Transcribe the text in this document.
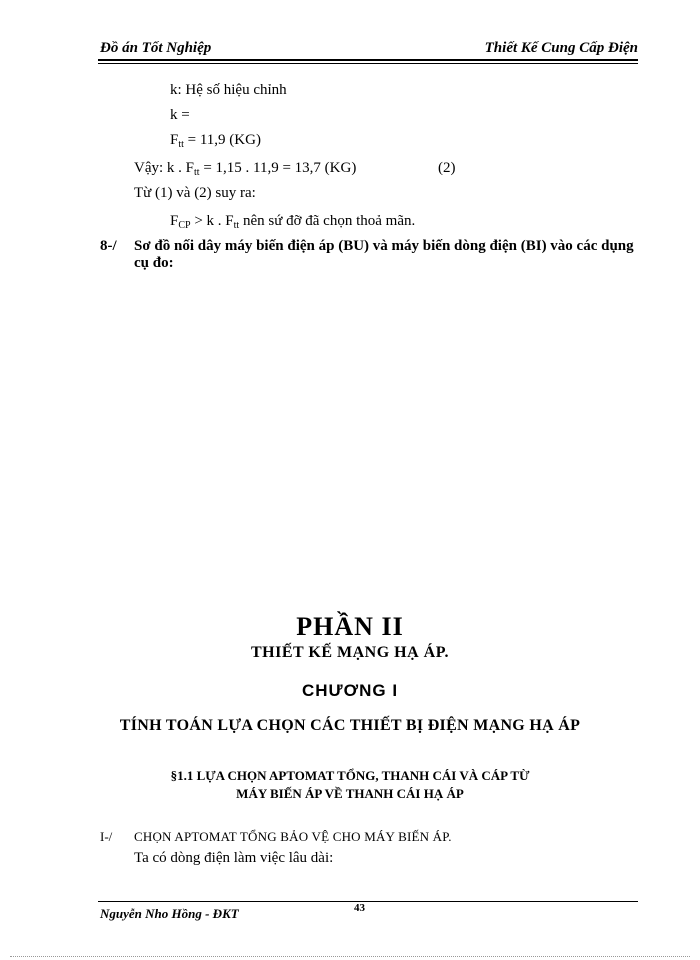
Đồ án Tốt Nghiệp	Thiết Kế Cung Cấp Điện
k: Hệ số hiệu chỉnh
k =
$F_{tt} = 11,9$ (KG)
Vậy: k . $F_{tt} = 1,15$ . 11,9 = 13,7 (KG)	(2)
Từ (1) và (2) suy ra:
$F_{CP} > k$ . $F_{tt}$ nên sứ đỡ đã chọn thoả mãn.
8-/ Sơ đồ nối dây máy biến điện áp (BU) và máy biến dòng điện (BI) vào các dụng cụ đo:
PHẦN II
THIẾT KẾ MẠNG HẠ ÁP.
CHƯƠNG I
TÍNH TOÁN LỰA CHỌN CÁC THIẾT BỊ ĐIỆN MẠNG HẠ ÁP
§1.1 LỰA CHỌN APTOMAT TỔNG, THANH CÁI VÀ CÁP TỪ
MÁY BIẾN ÁP VỀ THANH CÁI HẠ ÁP
I-/ CHỌN APTOMAT TỔNG BẢO VỆ CHO MÁY BIẾN ÁP.
Ta có dòng điện làm việc lâu dài:
Nguyễn Nho Hồng - ĐKT	43
